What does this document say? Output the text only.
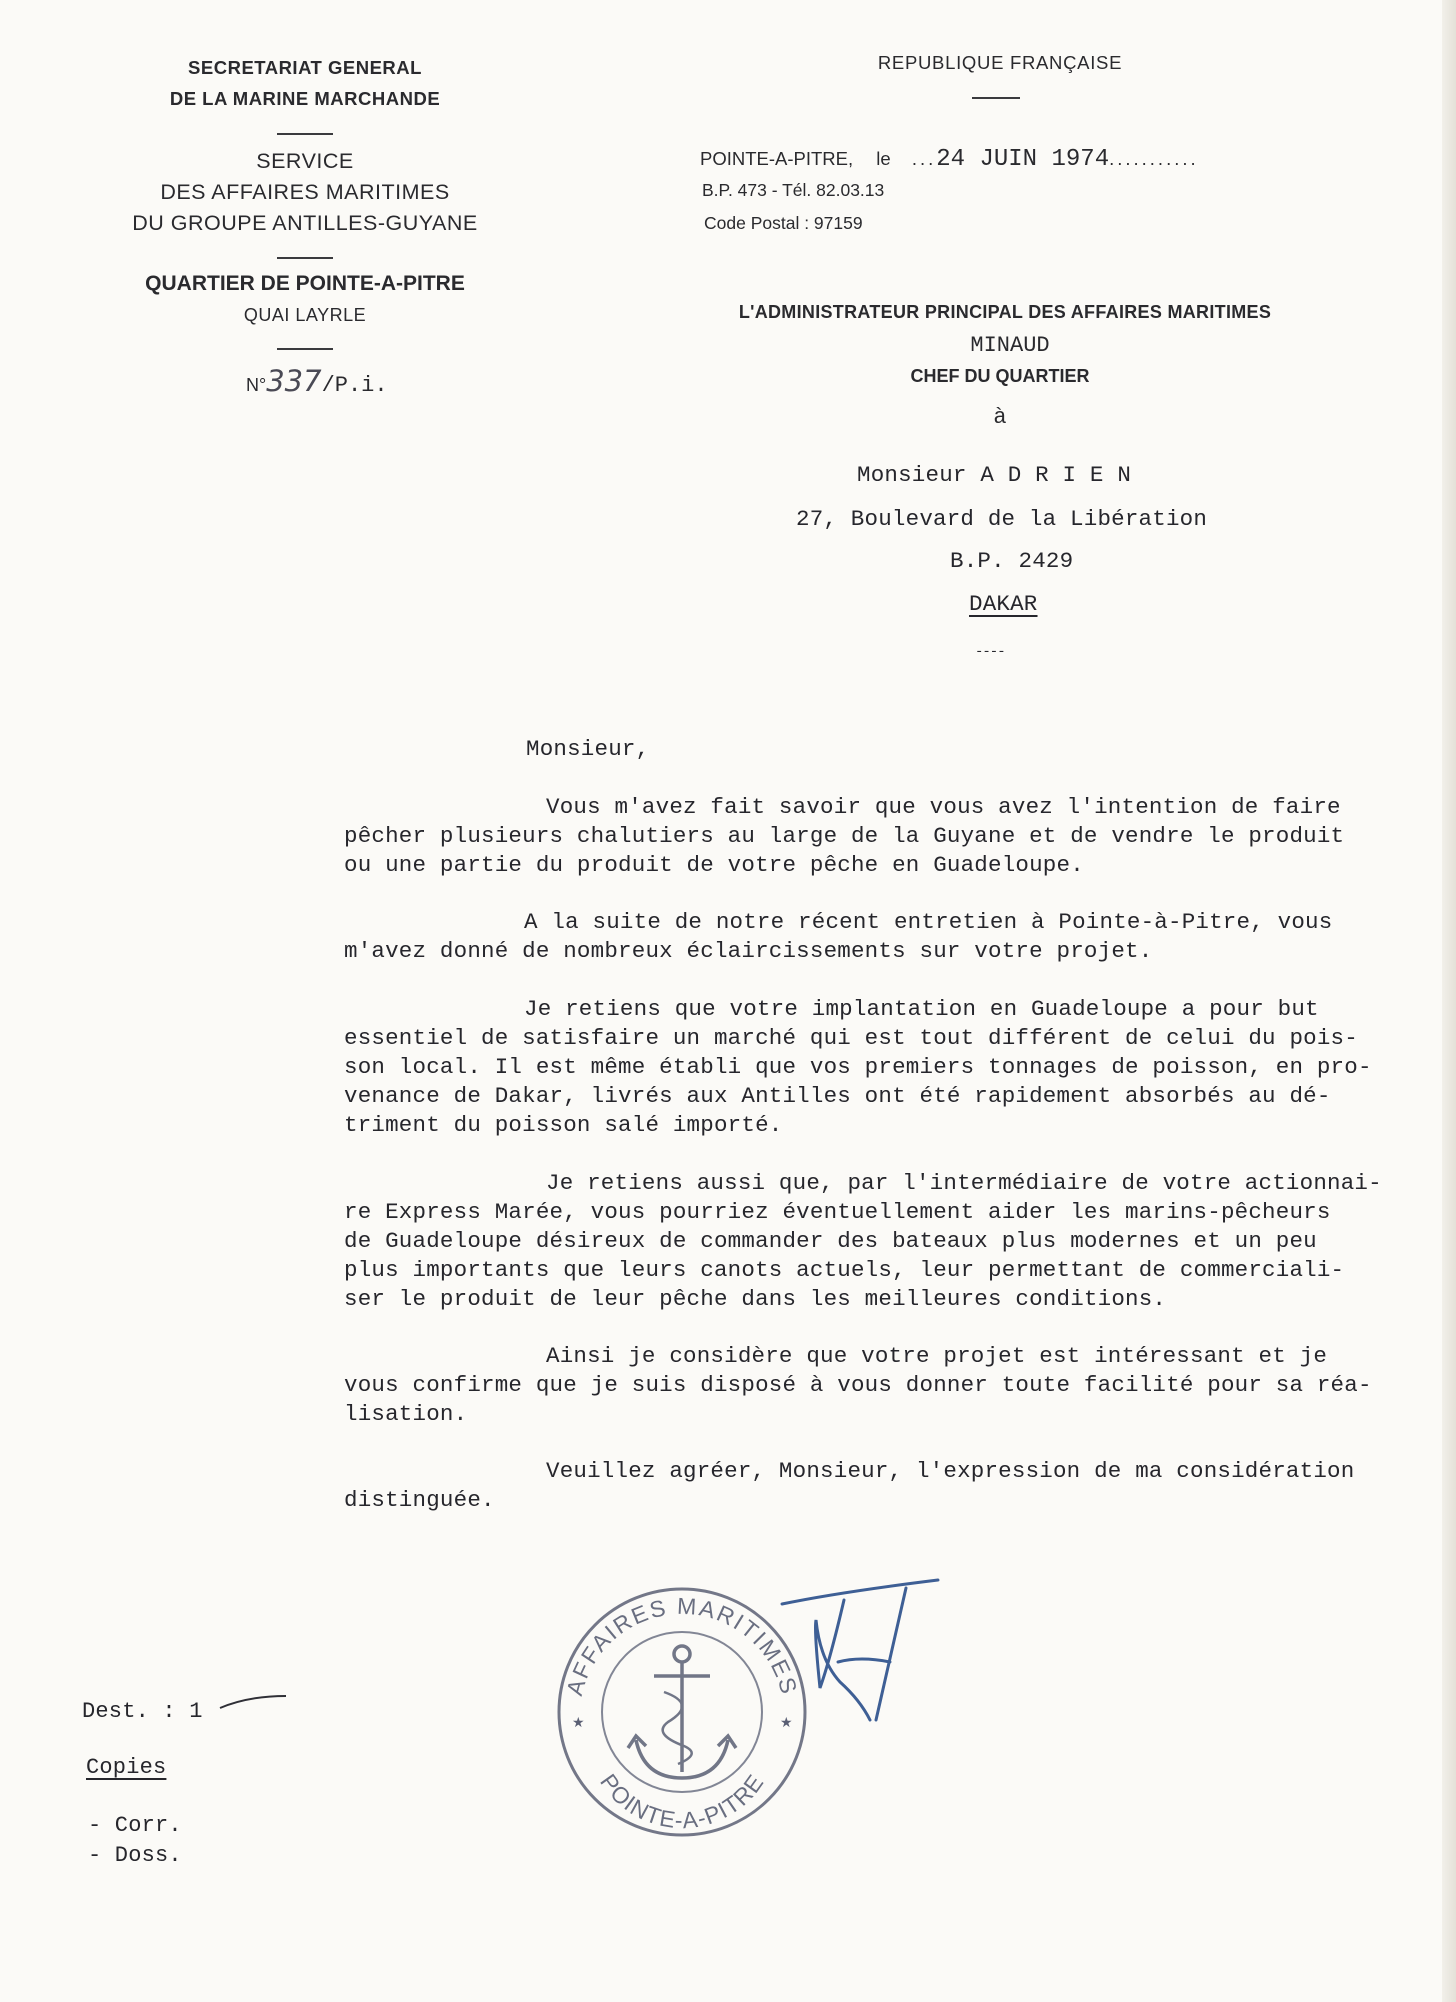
SECRETARIAT GENERAL
DE LA MARINE MARCHANDE
SERVICE
DES AFFAIRES MARITIMES
DU GROUPE ANTILLES-GUYANE
QUARTIER DE POINTE-A-PITRE
QUAI LAYRLE
N°337/P.i.
REPUBLIQUE FRANÇAISE
POINTE-A-PITRE, le ...24 JUIN 1974...........
B.P. 473 - Tél. 82.03.13
Code Postal : 97159
L'ADMINISTRATEUR PRINCIPAL DES AFFAIRES MARITIMES
MINAUD
CHEF DU QUARTIER
à
Monsieur A D R I E N
27, Boulevard de la Libération
B.P. 2429
DAKAR
----
Monsieur,
Vous m'avez fait savoir que vous avez l'intention de faire
pêcher plusieurs chalutiers au large de la Guyane et de vendre le produit
ou une partie du produit de votre pêche en Guadeloupe.
A la suite de notre récent entretien à Pointe-à-Pitre, vous
m'avez donné de nombreux éclaircissements sur votre projet.
Je retiens que votre implantation en Guadeloupe a pour but
essentiel de satisfaire un marché qui est tout différent de celui du pois-
son local. Il est même établi que vos premiers tonnages de poisson, en pro-
venance de Dakar, livrés aux Antilles ont été rapidement absorbés au dé-
triment du poisson salé importé.
Je retiens aussi que, par l'intermédiaire de votre actionnai-
re Express Marée, vous pourriez éventuellement aider les marins-pêcheurs
de Guadeloupe désireux de commander des bateaux plus modernes et un peu
plus importants que leurs canots actuels, leur permettant de commerciali-
ser le produit de leur pêche dans les meilleures conditions.
Ainsi je considère que votre projet est intéressant et je
vous confirme que je suis disposé à vous donner toute facilité pour sa réa-
lisation.
Veuillez agréer, Monsieur, l'expression de ma considération
distinguée.
AFFAIRES MARITIMES
POINTE-A-PITRE
★	★
Dest. : 1
Copies
- Corr.
- Doss.
